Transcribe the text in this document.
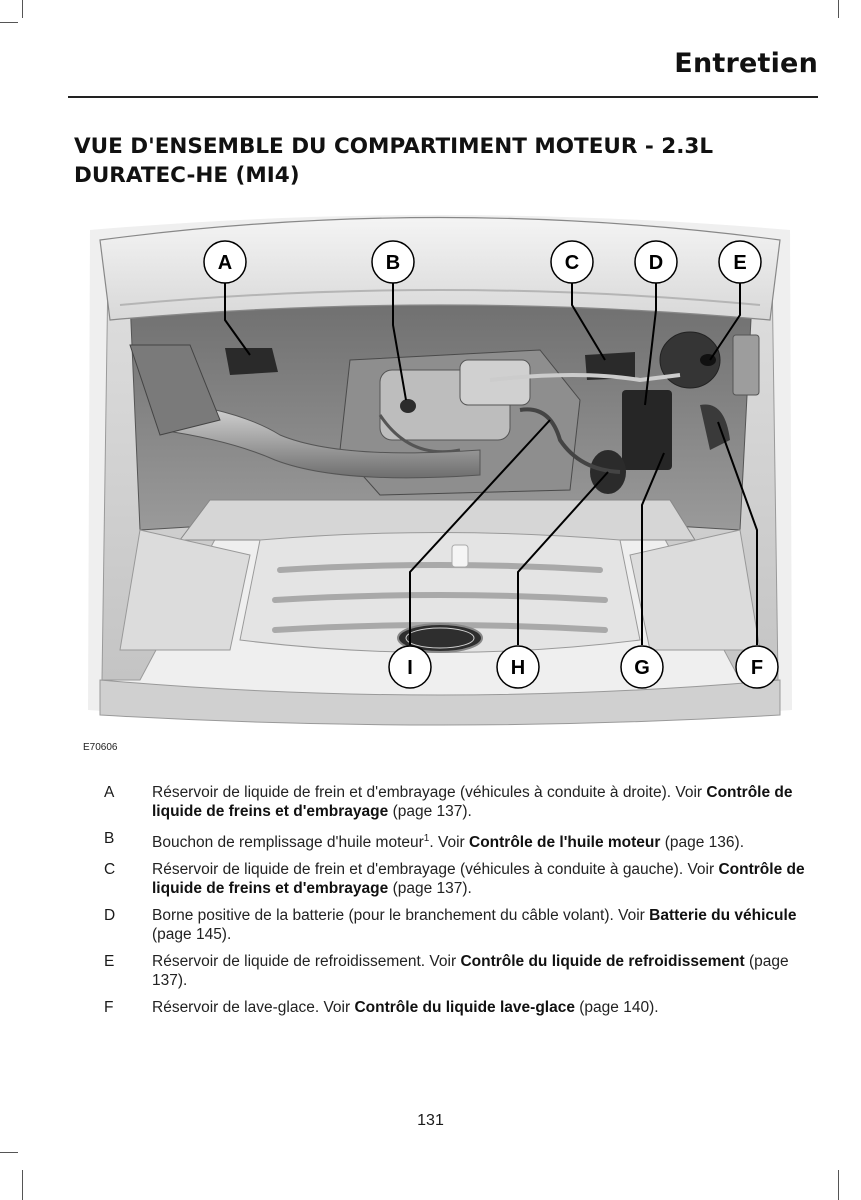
Entretien
VUE D'ENSEMBLE DU COMPARTIMENT MOTEUR - 2.3L DURATEC-HE (MI4)
A	B	C	D	E
F
G
H
I
E70606
A	Réservoir de liquide de frein et d'embrayage (véhicules à conduite à droite). Voir Contrôle de liquide de freins et d'embrayage (page 137).
B	Bouchon de remplissage d'huile moteur$^1$. Voir Contrôle de l'huile moteur (page 136).
C	Réservoir de liquide de frein et d'embrayage (véhicules à conduite à gauche). Voir Contrôle de liquide de freins et d'embrayage (page 137).
D	Borne positive de la batterie (pour le branchement du câble volant). Voir Batterie du véhicule (page 145).
E	Réservoir de liquide de refroidissement. Voir Contrôle du liquide de refroidissement (page 137).
F	Réservoir de lave-glace. Voir Contrôle du liquide lave-glace (page 140).
131
